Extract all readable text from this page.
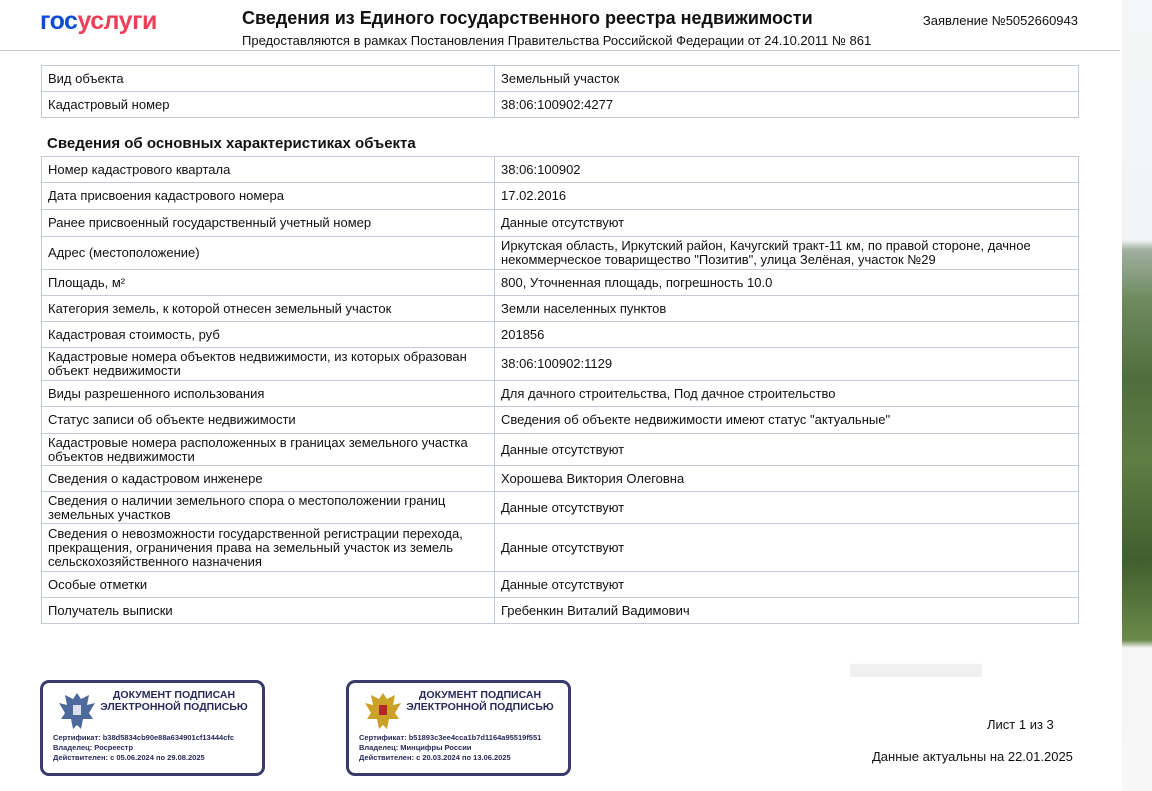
▬▬▬
госуслуги	Сведения из Единого государственного реестра недвижимости
Предоставляются в рамках Постановления Правительства Российской Федерации от 24.10.2011 № 861
Заявление №5052660943
Вид объекта	Земельный участок
Кадастровый номер	38:06:100902:4277
Сведения об основных характеристиках объекта
Номер кадастрового квартала	38:06:100902
Дата присвоения кадастрового номера	17.02.2016
Ранее присвоенный государственный учетный номер	Данные отсутствуют
Адрес (местоположение)	Иркутская область, Иркутский район, Качугский тракт-11 км, по правой стороне, дачное некоммерческое товарищество "Позитив", улица Зелёная, участок №29
Площадь, м²	800, Уточненная площадь, погрешность 10.0
Категория земель, к которой отнесен земельный участок	Земли населенных пунктов
Кадастровая стоимость, руб	201856
Кадастровые номера объектов недвижимости, из которых образован объект недвижимости	38:06:100902:1129
Виды разрешенного использования	Для дачного строительства, Под дачное строительство
Статус записи об объекте недвижимости	Сведения об объекте недвижимости имеют статус "актуальные"
Кадастровые номера расположенных в границах земельного участка объектов недвижимости	Данные отсутствуют
Сведения о кадастровом инженере	Хорошева Виктория Олеговна
Сведения о наличии земельного спора о местоположении границ земельных участков	Данные отсутствуют
Сведения о невозможности государственной регистрации перехода, прекращения, ограничения права на земельный участок из земель сельскохозяйственного назначения	Данные отсутствуют
Особые отметки	Данные отсутствуют
Получатель выписки	Гребенкин Виталий Вадимович
ДОКУМЕНТ ПОДПИСАН ЭЛЕКТРОННОЙ ПОДПИСЬЮ
Сертификат: b38d5834cb90e88a634901cf13444cfc
Владелец: Росреестр
Действителен: с 05.06.2024 по 29.08.2025
ДОКУМЕНТ ПОДПИСАН ЭЛЕКТРОННОЙ ПОДПИСЬЮ
Сертификат: b51893c3ee4cca1b7d1164a95519f551
Владелец: Минцифры России
Действителен: с 20.03.2024 по 13.06.2025
Лист 1 из 3
Данные актуальны на 22.01.2025
